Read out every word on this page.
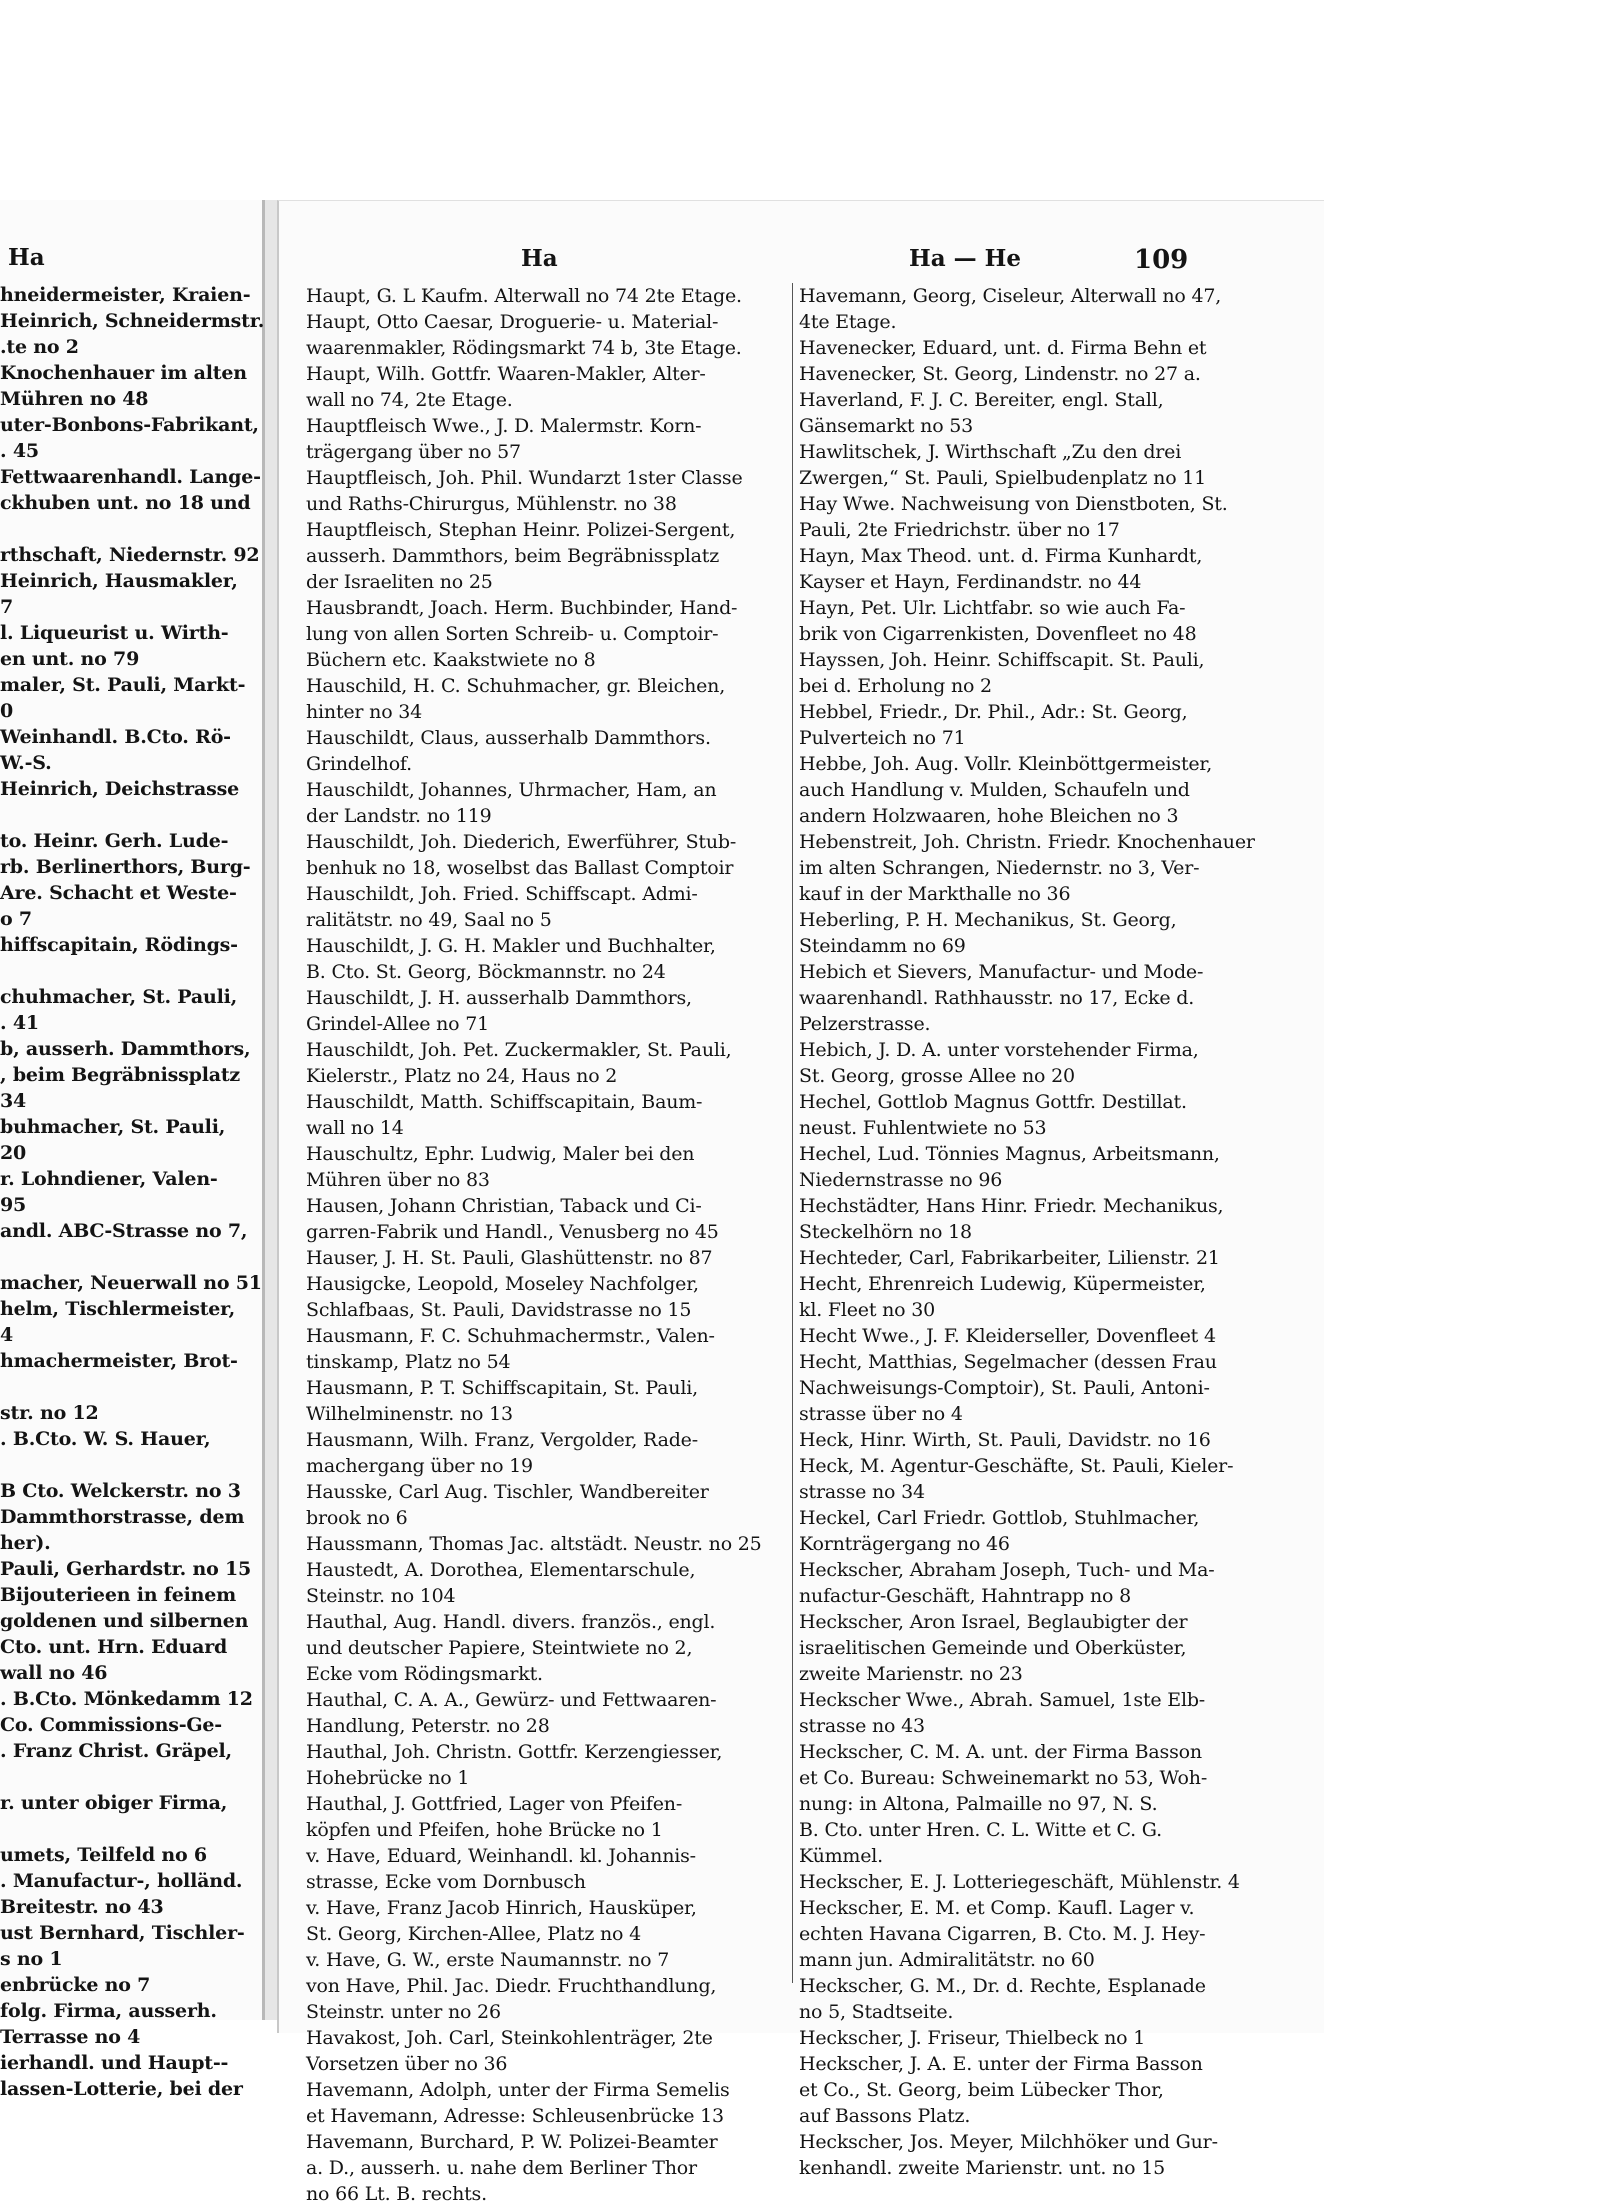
Ha
hneidermeister, Kraien-
Heinrich, Schneidermstr.
.te no 2
Knochenhauer im alten
Mühren no 48
uter-Bonbons-Fabrikant,
. 45
Fettwaarenhandl. Lange-
ckhuben unt. no 18 und
rthschaft, Niedernstr. 92
Heinrich, Hausmakler,
7
l. Liqueurist u. Wirth-
en unt. no 79
maler, St. Pauli, Markt-
0
Weinhandl. B.Cto. Rö-
W.-S.
Heinrich, Deichstrasse
to. Heinr. Gerh. Lude-
rb. Berlinerthors, Burg-
Are. Schacht et Weste-
o 7
hiffscapitain, Rödings-
chuhmacher, St. Pauli,
. 41
b, ausserh. Dammthors,
, beim Begräbnissplatz
34
buhmacher, St. Pauli,
20
r. Lohndiener, Valen-
95
andl. ABC-Strasse no 7,
macher, Neuerwall no 51
helm, Tischlermeister,
4
hmachermeister, Brot-
str. no 12
. B.Cto. W. S. Hauer,
B Cto. Welckerstr. no 3
Dammthorstrasse, dem
her).
Pauli, Gerhardstr. no 15
Bijouterieen in feinem
goldenen und silbernen
Cto. unt. Hrn. Eduard
wall no 46
. B.Cto. Mönkedamm 12
Co. Commissions-Ge-
. Franz Christ. Gräpel,
r. unter obiger Firma,
umets, Teilfeld no 6
. Manufactur-, holländ.
Breitestr. no 43
ust Bernhard, Tischler-
s no 1
enbrücke no 7
folg. Firma, ausserh.
Terrasse no 4
ierhandl. und Haupt--
lassen-Lotterie, bei der
Ha	Ha — He	109
Haupt, G. L Kaufm. Alterwall no 74 2te Etage.
Haupt, Otto Caesar, Droguerie- u. Material-
waarenmakler, Rödingsmarkt 74 b, 3te Etage.
Haupt, Wilh. Gottfr. Waaren-Makler, Alter-
wall no 74, 2te Etage.
Hauptfleisch Wwe., J. D. Malermstr. Korn-
trägergang über no 57
Hauptfleisch, Joh. Phil. Wundarzt 1ster Classe
und Raths-Chirurgus, Mühlenstr. no 38
Hauptfleisch, Stephan Heinr. Polizei-Sergent,
ausserh. Dammthors, beim Begräbnissplatz
der Israeliten no 25
Hausbrandt, Joach. Herm. Buchbinder, Hand-
lung von allen Sorten Schreib- u. Comptoir-
Büchern etc. Kaakstwiete no 8
Hauschild, H. C. Schuhmacher, gr. Bleichen,
hinter no 34
Hauschildt, Claus, ausserhalb Dammthors.
Grindelhof.
Hauschildt, Johannes, Uhrmacher, Ham, an
der Landstr. no 119
Hauschildt, Joh. Diederich, Ewerführer, Stub-
benhuk no 18, woselbst das Ballast Comptoir
Hauschildt, Joh. Fried. Schiffscapt. Admi-
ralitätstr. no 49, Saal no 5
Hauschildt, J. G. H. Makler und Buchhalter,
B. Cto. St. Georg, Böckmannstr. no 24
Hauschildt, J. H. ausserhalb Dammthors,
Grindel-Allee no 71
Hauschildt, Joh. Pet. Zuckermakler, St. Pauli,
Kielerstr., Platz no 24, Haus no 2
Hauschildt, Matth. Schiffscapitain, Baum-
wall no 14
Hauschultz, Ephr. Ludwig, Maler bei den
Mühren über no 83
Hausen, Johann Christian, Taback und Ci-
garren-Fabrik und Handl., Venusberg no 45
Hauser, J. H. St. Pauli, Glashüttenstr. no 87
Hausigcke, Leopold, Moseley Nachfolger,
Schlafbaas, St. Pauli, Davidstrasse no 15
Hausmann, F. C. Schuhmachermstr., Valen-
tinskamp, Platz no 54
Hausmann, P. T. Schiffscapitain, St. Pauli,
Wilhelminenstr. no 13
Hausmann, Wilh. Franz, Vergolder, Rade-
machergang über no 19
Hausske, Carl Aug. Tischler, Wandbereiter
brook no 6
Haussmann, Thomas Jac. altstädt. Neustr. no 25
Haustedt, A. Dorothea, Elementarschule,
Steinstr. no 104
Hauthal, Aug. Handl. divers. französ., engl.
und deutscher Papiere, Steintwiete no 2,
Ecke vom Rödingsmarkt.
Hauthal, C. A. A., Gewürz- und Fettwaaren-
Handlung, Peterstr. no 28
Hauthal, Joh. Christn. Gottfr. Kerzengiesser,
Hohebrücke no 1
Hauthal, J. Gottfried, Lager von Pfeifen-
köpfen und Pfeifen, hohe Brücke no 1
v. Have, Eduard, Weinhandl. kl. Johannis-
strasse, Ecke vom Dornbusch
v. Have, Franz Jacob Hinrich, Hausküper,
St. Georg, Kirchen-Allee, Platz no 4
v. Have, G. W., erste Naumannstr. no 7
von Have, Phil. Jac. Diedr. Fruchthandlung,
Steinstr. unter no 26
Havakost, Joh. Carl, Steinkohlenträger, 2te
Vorsetzen über no 36
Havemann, Adolph, unter der Firma Semelis
et Havemann, Adresse: Schleusenbrücke 13
Havemann, Burchard, P. W. Polizei-Beamter
a. D., ausserh. u. nahe dem Berliner Thor
no 66 Lt. B. rechts.
Havemann, Georg, Ciseleur, Alterwall no 47,
4te Etage.
Havenecker, Eduard, unt. d. Firma Behn et
Havenecker, St. Georg, Lindenstr. no 27 a.
Haverland, F. J. C. Bereiter, engl. Stall,
Gänsemarkt no 53
Hawlitschek, J. Wirthschaft „Zu den drei
Zwergen,“ St. Pauli, Spielbudenplatz no 11
Hay Wwe. Nachweisung von Dienstboten, St.
Pauli, 2te Friedrichstr. über no 17
Hayn, Max Theod. unt. d. Firma Kunhardt,
Kayser et Hayn, Ferdinandstr. no 44
Hayn, Pet. Ulr. Lichtfabr. so wie auch Fa-
brik von Cigarrenkisten, Dovenfleet no 48
Hayssen, Joh. Heinr. Schiffscapit. St. Pauli,
bei d. Erholung no 2
Hebbel, Friedr., Dr. Phil., Adr.: St. Georg,
Pulverteich no 71
Hebbe, Joh. Aug. Vollr. Kleinböttgermeister,
auch Handlung v. Mulden, Schaufeln und
andern Holzwaaren, hohe Bleichen no 3
Hebenstreit, Joh. Christn. Friedr. Knochenhauer
im alten Schrangen, Niedernstr. no 3, Ver-
kauf in der Markthalle no 36
Heberling, P. H. Mechanikus, St. Georg,
Steindamm no 69
Hebich et Sievers, Manufactur- und Mode-
waarenhandl. Rathhausstr. no 17, Ecke d.
Pelzerstrasse.
Hebich, J. D. A. unter vorstehender Firma,
St. Georg, grosse Allee no 20
Hechel, Gottlob Magnus Gottfr. Destillat.
neust. Fuhlentwiete no 53
Hechel, Lud. Tönnies Magnus, Arbeitsmann,
Niedernstrasse no 96
Hechstädter, Hans Hinr. Friedr. Mechanikus,
Steckelhörn no 18
Hechteder, Carl, Fabrikarbeiter, Lilienstr. 21
Hecht, Ehrenreich Ludewig, Küpermeister,
kl. Fleet no 30
Hecht Wwe., J. F. Kleiderseller, Dovenfleet 4
Hecht, Matthias, Segelmacher (dessen Frau
Nachweisungs-Comptoir), St. Pauli, Antoni-
strasse über no 4
Heck, Hinr. Wirth, St. Pauli, Davidstr. no 16
Heck, M. Agentur-Geschäfte, St. Pauli, Kieler-
strasse no 34
Heckel, Carl Friedr. Gottlob, Stuhlmacher,
Kornträgergang no 46
Heckscher, Abraham Joseph, Tuch- und Ma-
nufactur-Geschäft, Hahntrapp no 8
Heckscher, Aron Israel, Beglaubigter der
israelitischen Gemeinde und Oberküster,
zweite Marienstr. no 23
Heckscher Wwe., Abrah. Samuel, 1ste Elb-
strasse no 43
Heckscher, C. M. A. unt. der Firma Basson
et Co. Bureau: Schweinemarkt no 53, Woh-
nung: in Altona, Palmaille no 97, N. S.
B. Cto. unter Hren. C. L. Witte et C. G.
Kümmel.
Heckscher, E. J. Lotteriegeschäft, Mühlenstr. 4
Heckscher, E. M. et Comp. Kaufl. Lager v.
echten Havana Cigarren, B. Cto. M. J. Hey-
mann jun. Admiralitätstr. no 60
Heckscher, G. M., Dr. d. Rechte, Esplanade
no 5, Stadtseite.
Heckscher, J. Friseur, Thielbeck no 1
Heckscher, J. A. E. unter der Firma Basson
et Co., St. Georg, beim Lübecker Thor,
auf Bassons Platz.
Heckscher, Jos. Meyer, Milchhöker und Gur-
kenhandl. zweite Marienstr. unt. no 15
